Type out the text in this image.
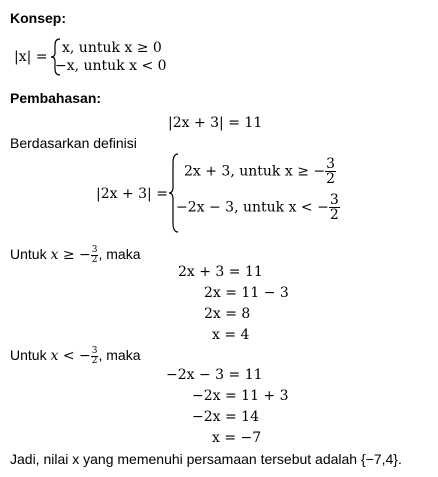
Konsep:
|x| =
x, untuk x ≥ 0
−x, untuk x < 0
Pembahasan:
|2x + 3| = 11
Berdasarkan definisi
|2x + 3| =
2x + 3, untuk x ≥ − $\frac{3}{2}$
−2x − 3, untuk x < − $\frac{3}{2}$
Untuk x ≥ − $\frac{3}{2}$ , maka
2x + 3 = 11
2x = 11 − 3
2x = 8
x = 4
Untuk x < − $\frac{3}{2}$ , maka
−2x − 3 = 11
−2x = 11 + 3
−2x = 14
x = −7
Jadi, nilai x yang memenuhi persamaan tersebut adalah {−7,4}.
